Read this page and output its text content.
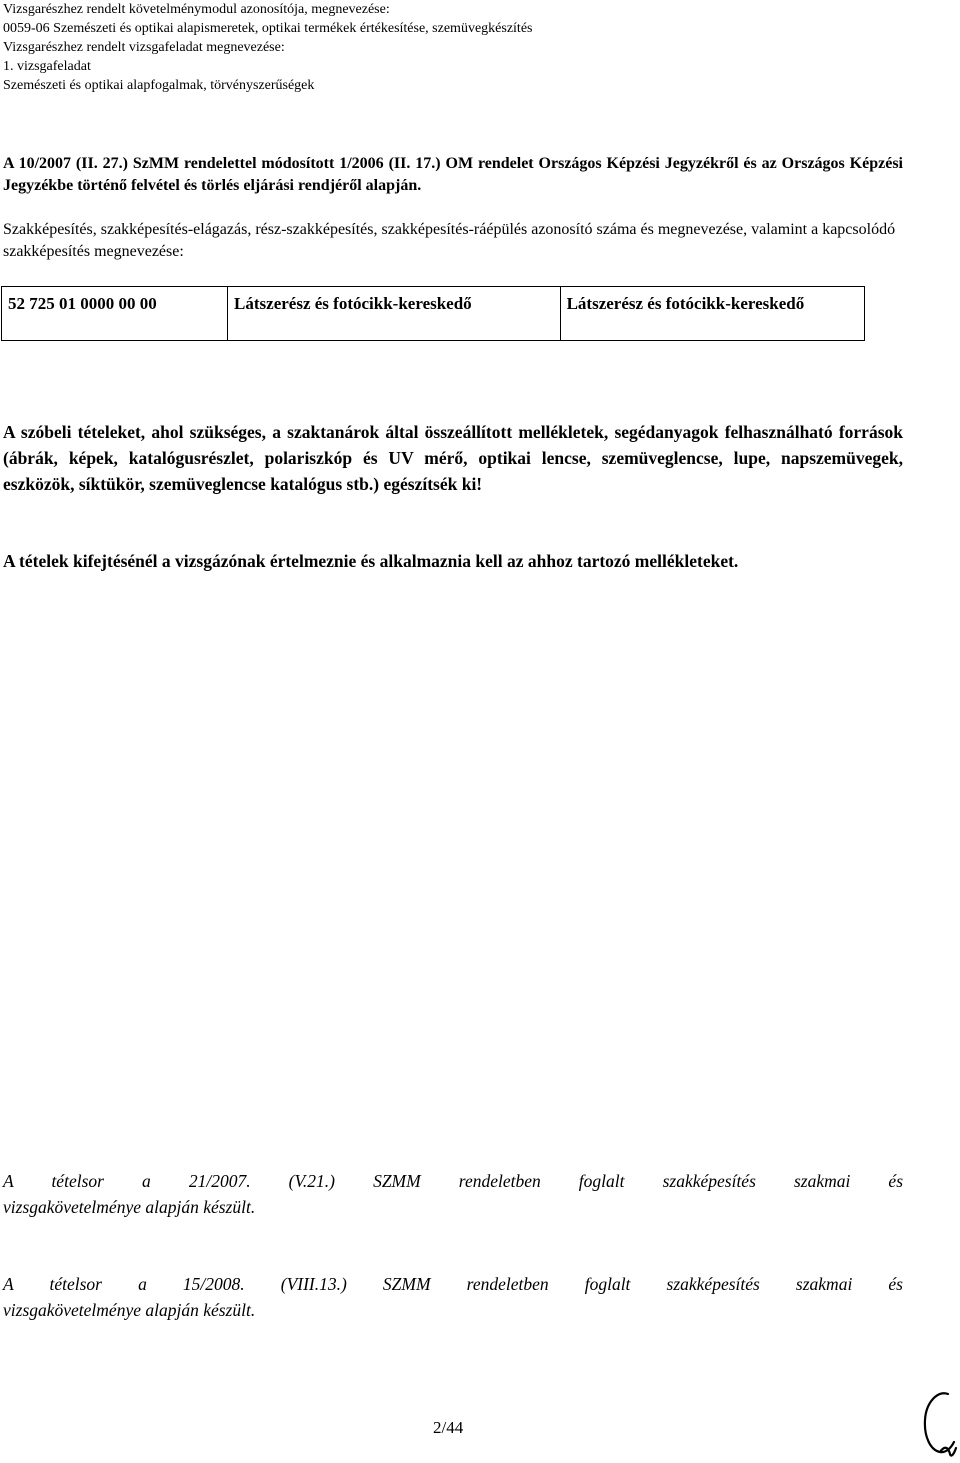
Vizsgarészhez rendelt követelménymodul azonosítója, megnevezése:
0059-06 Szemészeti és optikai alapismeretek, optikai termékek értékesítése, szemüvegkészítés
Vizsgarészhez rendelt vizsgafeladat megnevezése:
1. vizsgafeladat
Szemészeti és optikai alapfogalmak, törvényszerűségek
A 10/2007 (II. 27.) SzMM rendelettel módosított 1/2006 (II. 17.) OM rendelet Országos Képzési Jegyzékről és az Országos Képzési Jegyzékbe történő felvétel és törlés eljárási rendjéről alapján.
Szakképesítés, szakképesítés-elágazás, rész-szakképesítés, szakképesítés-ráépülés azonosító száma és megnevezése, valamint a kapcsolódó szakképesítés megnevezése:
52 725 01 0000 00 00	Látszerész és fotócikk-kereskedő	Látszerész és fotócikk-kereskedő
A szóbeli tételeket, ahol szükséges, a szaktanárok által összeállított mellékletek, segédanyagok felhasználható források (ábrák, képek, katalógusrészlet, polariszkóp és UV mérő, optikai lencse, szemüveglencse, lupe, napszemüvegek, eszközök, síktükör, szemüveglencse katalógus stb.) egészítsék ki!
A tételek kifejtésénél a vizsgázónak értelmeznie és alkalmaznia kell az ahhoz tartozó mellékleteket.
A tételsor a 21/2007. (V.21.) SZMM rendeletben foglalt szakképesítés szakmai és
vizsgakövetelménye alapján készült.
A tételsor a 15/2008. (VIII.13.) SZMM rendeletben foglalt szakképesítés szakmai és
vizsgakövetelménye alapján készült.
2/44
